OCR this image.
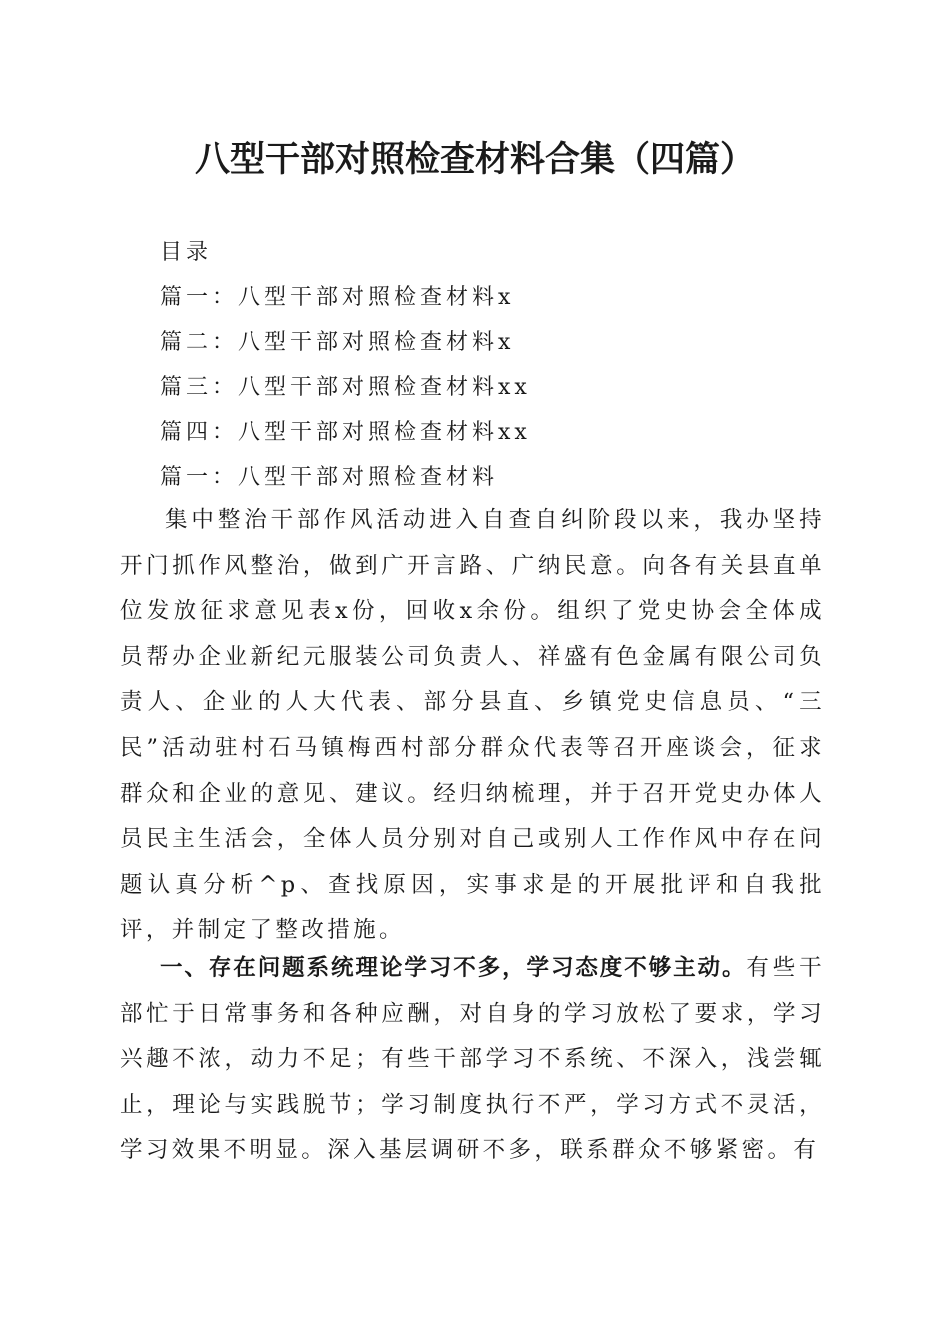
八型干部对照检查材料合集（四篇）
目录
篇一：八型干部对照检查材料x
篇二：八型干部对照检查材料x
篇三：八型干部对照检查材料xx
篇四：八型干部对照检查材料xx
篇一：八型干部对照检查材料

集中整治干部作风活动进入自查自纠阶段以来，我办坚持开门抓作风整治，做到广开言路、广纳民意。向各有关县直单位发放征求意见表x份，回收x余份。组织了党史协会全体成员帮办企业新纪元服装公司负责人、祥盛有色金属有限公司负责人、企业的人大代表、部分县直、乡镇党史信息员、“三民”活动驻村石马镇梅西村部分群众代表等召开座谈会，征求群众和企业的意见、建议。经归纳梳理，并于召开党史办体人员民主生活会，全体人员分别对自己或别人工作作风中存在问题认真分析^p、查找原因，实事求是的开展批评和自我批评，并制定了整改措施。

一、存在问题系统理论学习不多，学习态度不够主动。有些干部忙于日常事务和各种应酬，对自身的学习放松了要求，学习兴趣不浓，动力不足；有些干部学习不系统、不深入，浅尝辄止，理论与实践脱节；学习制度执行不严，学习方式不灵活，学习效果不明显。深入基层调研不多，联系群众不够紧密。有
